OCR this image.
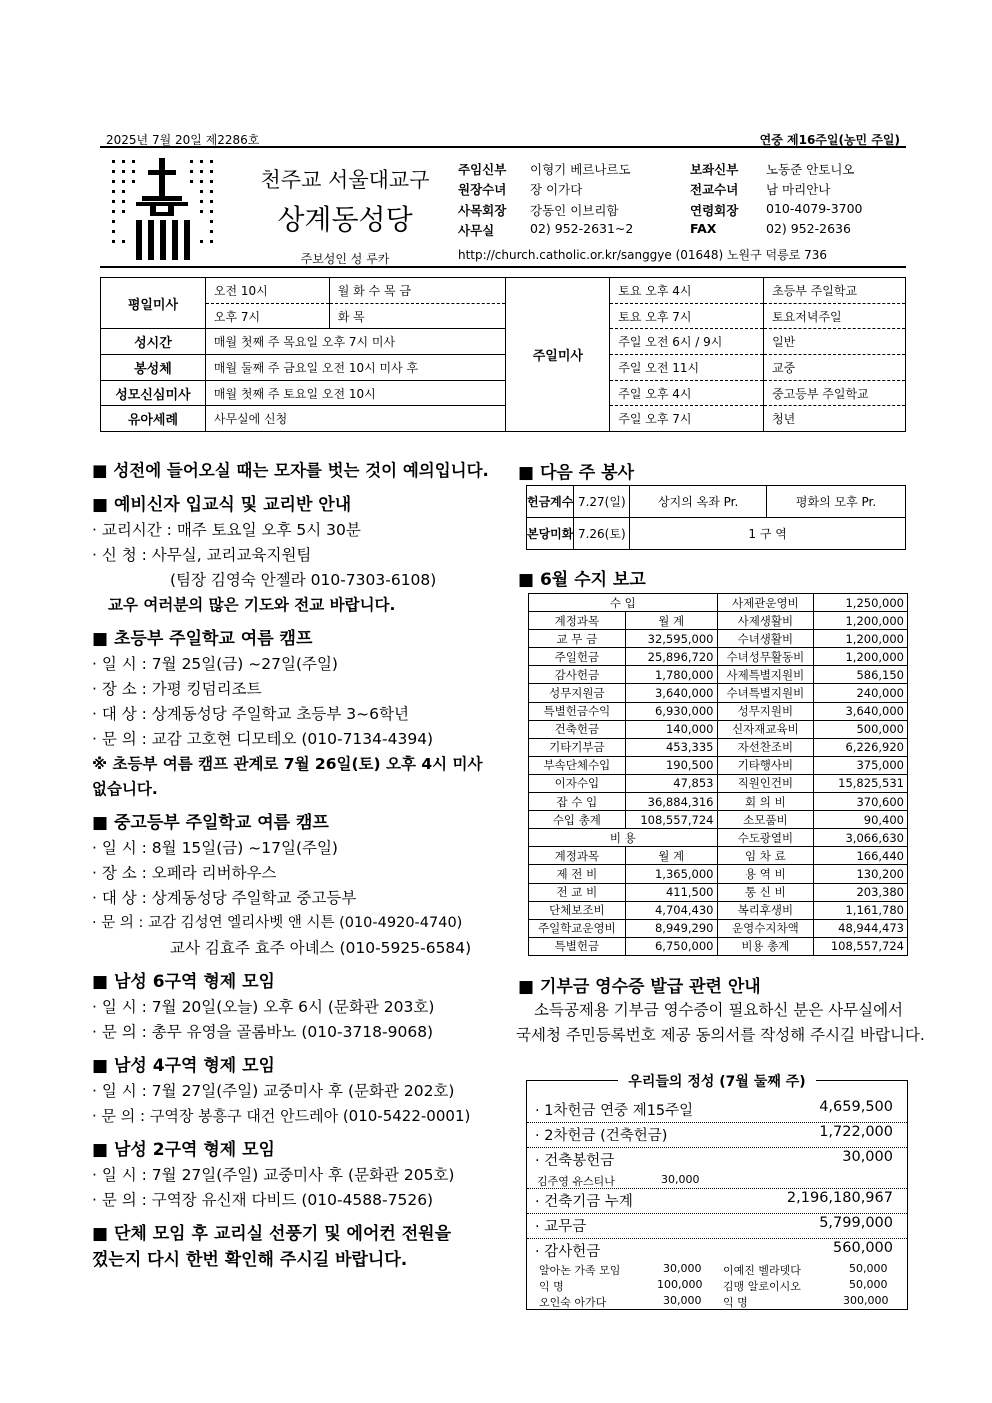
2025년 7월 20일 제2286호	연중 제16주일(농민 주일)
천주교 서울대교구
상계동성당
주보성인 성 루카
주임신부 이형기 베르나르도	보좌신부 노동준 안토니오
원장수녀 장 이가다	전교수녀 남 마리안나
사목회장 강동인 이브리함	연령회장 010-4079-3700
사무실	02) 952-2631~2	FAX	02) 952-2636
http://church.catholic.or.kr/sanggye (01648) 노원구 덕릉로 736
평일미사	오전 10시	월 화 수 목 금	주일미사	토요 오후 4시	초등부 주일학교
	오후 7시	화 목		토요 오후 7시	토요저녁주일
성시간	매월 첫째 주 목요일 오후 7시 미사			주일 오전 6시 / 9시	일반
봉성체	매월 둘째 주 금요일 오전 10시 미사 후			주일 오전 11시	교중
성모신심미사	매월 첫째 주 토요일 오전 10시			주일 오후 4시	중고등부 주일학교
유아세례	사무실에 신청			주일 오후 7시	청년
■ 성전에 들어오실 때는 모자를 벗는 것이 예의입니다.
■ 예비신자 입교식 및 교리반 안내
· 교리시간 : 매주 토요일 오후 5시 30분
· 신 청 : 사무실, 교리교육지원팀
(팀장 김영숙 안젤라 010-7303-6108)
교우 여러분의 많은 기도와 전교 바랍니다.
■ 초등부 주일학교 여름 캠프
· 일 시 : 7월 25일(금) ~27일(주일)
· 장 소 : 가평 킹덤리조트
· 대 상 : 상계동성당 주일학교 초등부 3~6학년
· 문 의 : 교감 고호현 디모테오 (010-7134-4394)
※ 초등부 여름 캠프 관계로 7월 26일(토) 오후 4시 미사
없습니다.
■ 중고등부 주일학교 여름 캠프
· 일 시 : 8월 15일(금) ~17일(주일)
· 장 소 : 오페라 리버하우스
· 대 상 : 상계동성당 주일학교 중고등부
· 문 의 : 교감 김성연 엘리사벳 앤 시튼 (010-4920-4740)
교사 김효주 효주 아녜스 (010-5925-6584)
■ 남성 6구역 형제 모임
· 일 시 : 7월 20일(오늘) 오후 6시 (문화관 203호)
· 문 의 : 총무 유영을 골롬바노 (010-3718-9068)
■ 남성 4구역 형제 모임
· 일 시 : 7월 27일(주일) 교중미사 후 (문화관 202호)
· 문 의 : 구역장 봉흥구 대건 안드레아 (010-5422-0001)
■ 남성 2구역 형제 모임
· 일 시 : 7월 27일(주일) 교중미사 후 (문화관 205호)
· 문 의 : 구역장 유신재 다비드 (010-4588-7526)
■ 단체 모임 후 교리실 선풍기 및 에어컨 전원을
껐는지 다시 한번 확인해 주시길 바랍니다.
■ 다음 주 봉사
헌금계수	7.27(일)	상지의 옥좌 Pr.	평화의 모후 Pr.
본당미화	7.26(토)	1 구 역	
■ 6월 수지 보고
수 입		사제관운영비	1,250,000
계정과목	월 계	사제생활비	1,200,000
교 무 금	32,595,000	수녀생활비	1,200,000
주일헌금	25,896,720	수녀성무활동비	1,200,000
감사헌금	1,780,000	사제특별지원비	586,150
성무지원금	3,640,000	수녀특별지원비	240,000
특별헌금수익	6,930,000	성무지원비	3,640,000
건축헌금	140,000	신자재교육비	500,000
기타기부금	453,335	자선찬조비	6,226,920
부속단체수입	190,500	기타행사비	375,000
이자수입	47,853	직원인건비	15,825,531
잡 수 입	36,884,316	회 의 비	370,600
수입 총계	108,557,724	소모품비	90,400
비 용		수도광열비	3,066,630
계정과목	월 계	임 차 료	166,440
제 전 비	1,365,000	용 역 비	130,200
전 교 비	411,500	통 신 비	203,380
단체보조비	4,704,430	복리후생비	1,161,780
주일학교운영비	8,949,290	운영수지차액	48,944,473
특별헌금	6,750,000	비용 총계	108,557,724
■ 기부금 영수증 발급 관련 안내
소득공제용 기부금 영수증이 필요하신 분은 사무실에서
국세청 주민등록번호 제공 동의서를 작성해 주시길 바랍니다.
· 1차헌금 연중 제15주일	4,659,500
· 2차헌금 (건축헌금)	1,722,000
· 건축봉헌금	30,000
김주영 유스티나	30,000
· 건축기금 누계	2,196,180,967
· 교무금	5,799,000
· 감사헌금	560,000
알아논 가족 모임	30,000 이예진 벨라뎃다	50,000
익 명	100,000 김맹 알로이시오	50,000
오인숙 아가다	30,000 익 명	300,000
우리들의 정성 (7월 둘째 주)
